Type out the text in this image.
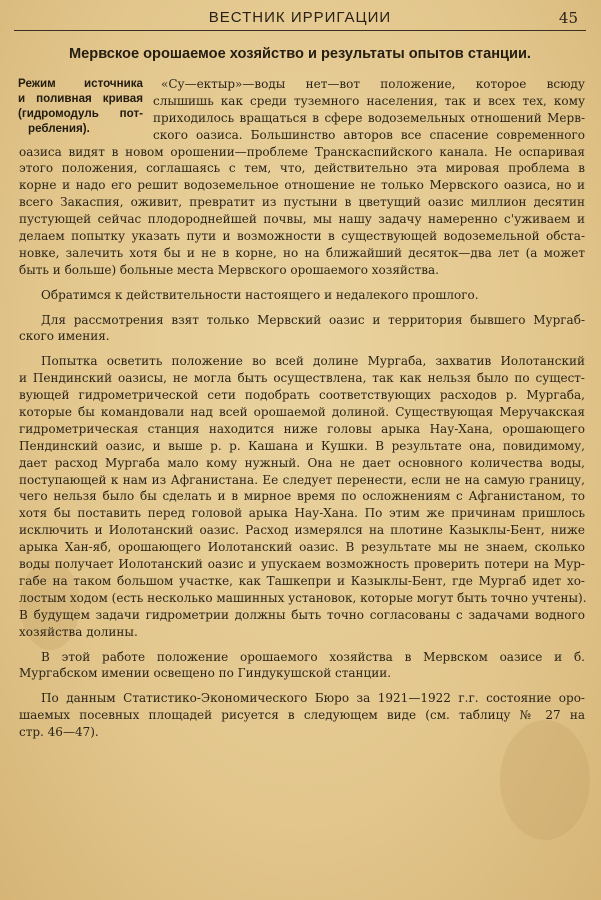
ВЕСТНИК ИРРИГАЦИИ	45
Мервское орошаемое хозяйство и результаты опытов станции.
Режим источника
и поливная кривая
(гидромодуль пот-
ребления).
«Су—ектыр»—воды нет—вот положение, которое всюду
слышишь как среди туземного населения, так и всех тех, кому
приходилось вращаться в сфере водоземельных отношений Мерв-
ского оазиса. Большинство авторов все спасение современного
оазиса видят в новом орошении—проблеме Транскаспийского канала. Не оспаривая
этого положения, соглашаясь с тем, что, действительно эта мировая проблема в
корне и надо его решит водоземельное отношение не только Мервского оазиса, но и
всего Закаспия, оживит, превратит из пустыни в цветущий оазис миллион десятин
пустующей сейчас плодороднейшей почвы, мы нашу задачу намеренно с'уживаем и
делаем попытку указать пути и возможности в существующей водоземельной обста-
новке, залечить хотя бы и не в корне, но на ближайший десяток—два лет (а может
быть и больше) больные места Мервского орошаемого хозяйства.
Обратимся к действительности настоящего и недалекого прошлого.
Для рассмотрения взят только Мервский оазис и территория бывшего Мургаб-
ского имения.
Попытка осветить положение во всей долине Мургаба, захватив Иолотанский
и Пендинский оазисы, не могла быть осуществлена, так как нельзя было по сущест-
вующей гидрометрической сети подобрать соответствующих расходов р. Мургаба,
которые бы командовали над всей орошаемой долиной. Существующая Меручакская
гидрометрическая станция находится ниже головы арыка Нау-Хана, орошающего
Пендинский оазис, и выше р. р. Кашана и Кушки. В результате она, повидимому,
дает расход Мургаба мало кому нужный. Она не дает основного количества воды,
поступающей к нам из Афганистана. Ее следует перенести, если не на самую границу,
чего нельзя было бы сделать и в мирное время по осложнениям с Афганистаном, то
хотя бы поставить перед головой арыка Нау-Хана. По этим же причинам пришлось
исключить и Иолотанский оазис. Расход измерялся на плотине Казыклы-Бент, ниже
арыка Хан-яб, орошающего Иолотанский оазис. В результате мы не знаем, сколько
воды получает Иолотанский оазис и упускаем возможность проверить потери на Мур-
габе на таком большом участке, как Ташкепри и Казыклы-Бент, где Мургаб идет хо-
лостым ходом (есть несколько машинных установок, которые могут быть точно учтены).
В будущем задачи гидрометрии должны быть точно согласованы с задачами водного
хозяйства долины.
В этой работе положение орошаемого хозяйства в Мервском оазисе и б.
Мургабском имении освещено по Гиндукушской станции.
По данным Статистико-Экономического Бюро за 1921—1922 г.г. состояние оро-
шаемых посевных площадей рисуется в следующем виде (см. таблицу № 27 на
стр. 46—47).
